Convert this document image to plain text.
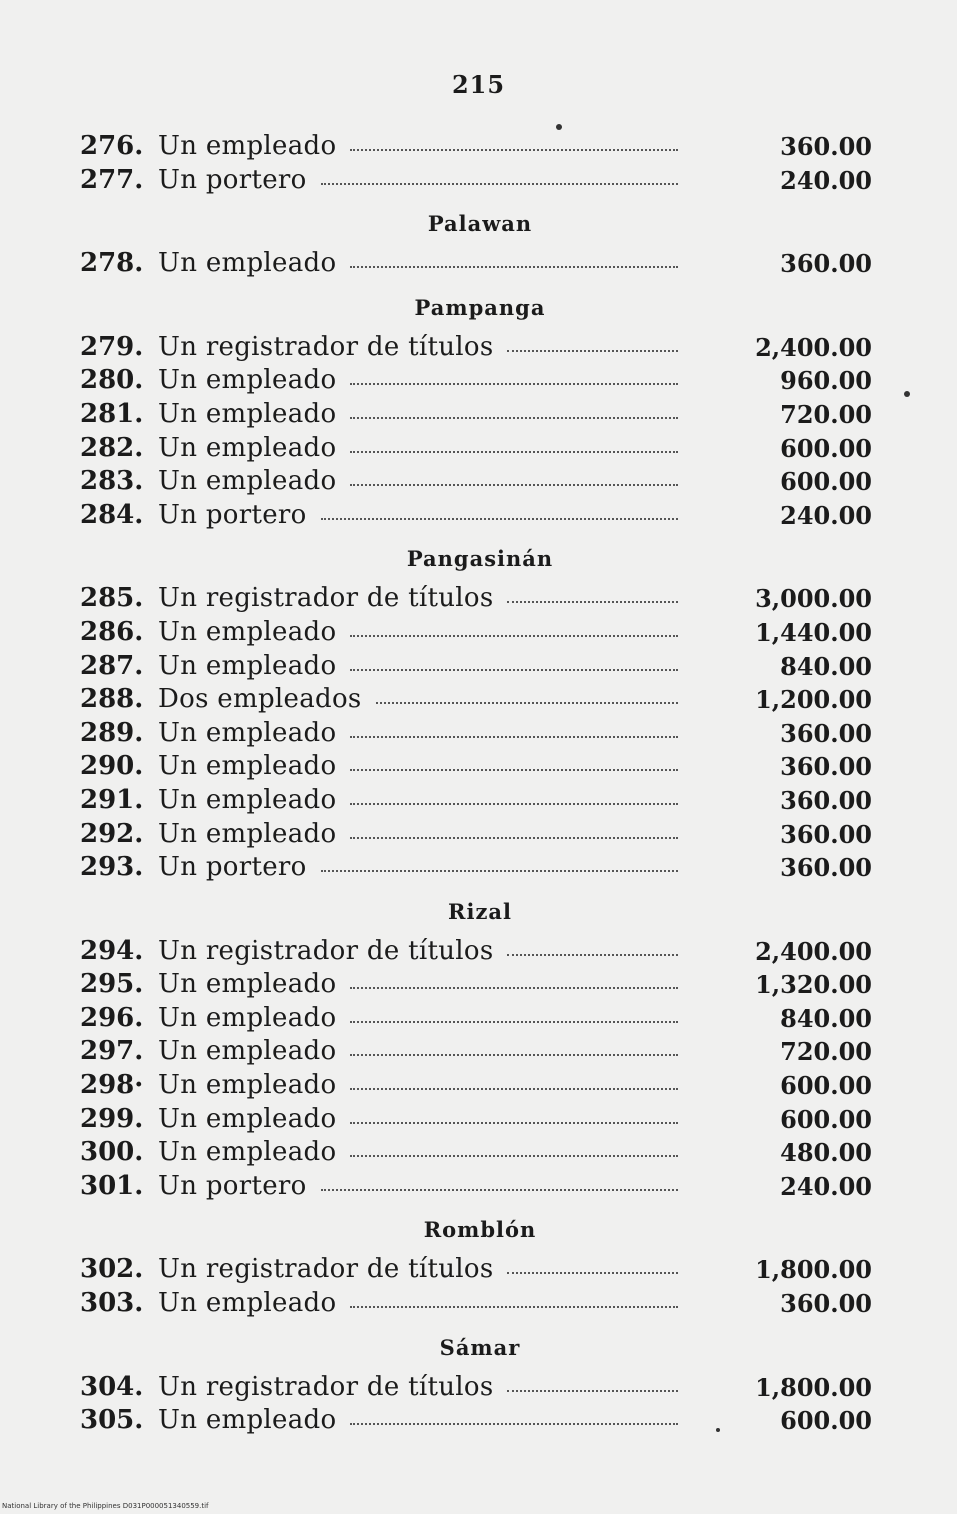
215
276. Un empleado	360.00
277. Un portero	240.00
Palawan
278. Un empleado	360.00
Pampanga
279. Un registrador de títulos	2,400.00
280. Un empleado	960.00
281. Un empleado	720.00
282. Un empleado	600.00
283. Un empleado	600.00
284. Un portero	240.00
Pangasinán
285. Un registrador de títulos	3,000.00
286. Un empleado	1,440.00
287. Un empleado	840.00
288. Dos empleados	1,200.00
289. Un empleado	360.00
290. Un empleado	360.00
291. Un empleado	360.00
292. Un empleado	360.00
293. Un portero	360.00
Rizal
294. Un registrador de títulos	2,400.00
295. Un empleado	1,320.00
296. Un empleado	840.00
297. Un empleado	720.00
298· Un empleado	600.00
299. Un empleado	600.00
300. Un empleado	480.00
301. Un portero	240.00
Romblón
302. Un registrador de títulos	1,800.00
303. Un empleado	360.00
Sámar
304. Un registrador de títulos	1,800.00
305. Un empleado	600.00
National Library of the Philippines D031P000051340559.tif
